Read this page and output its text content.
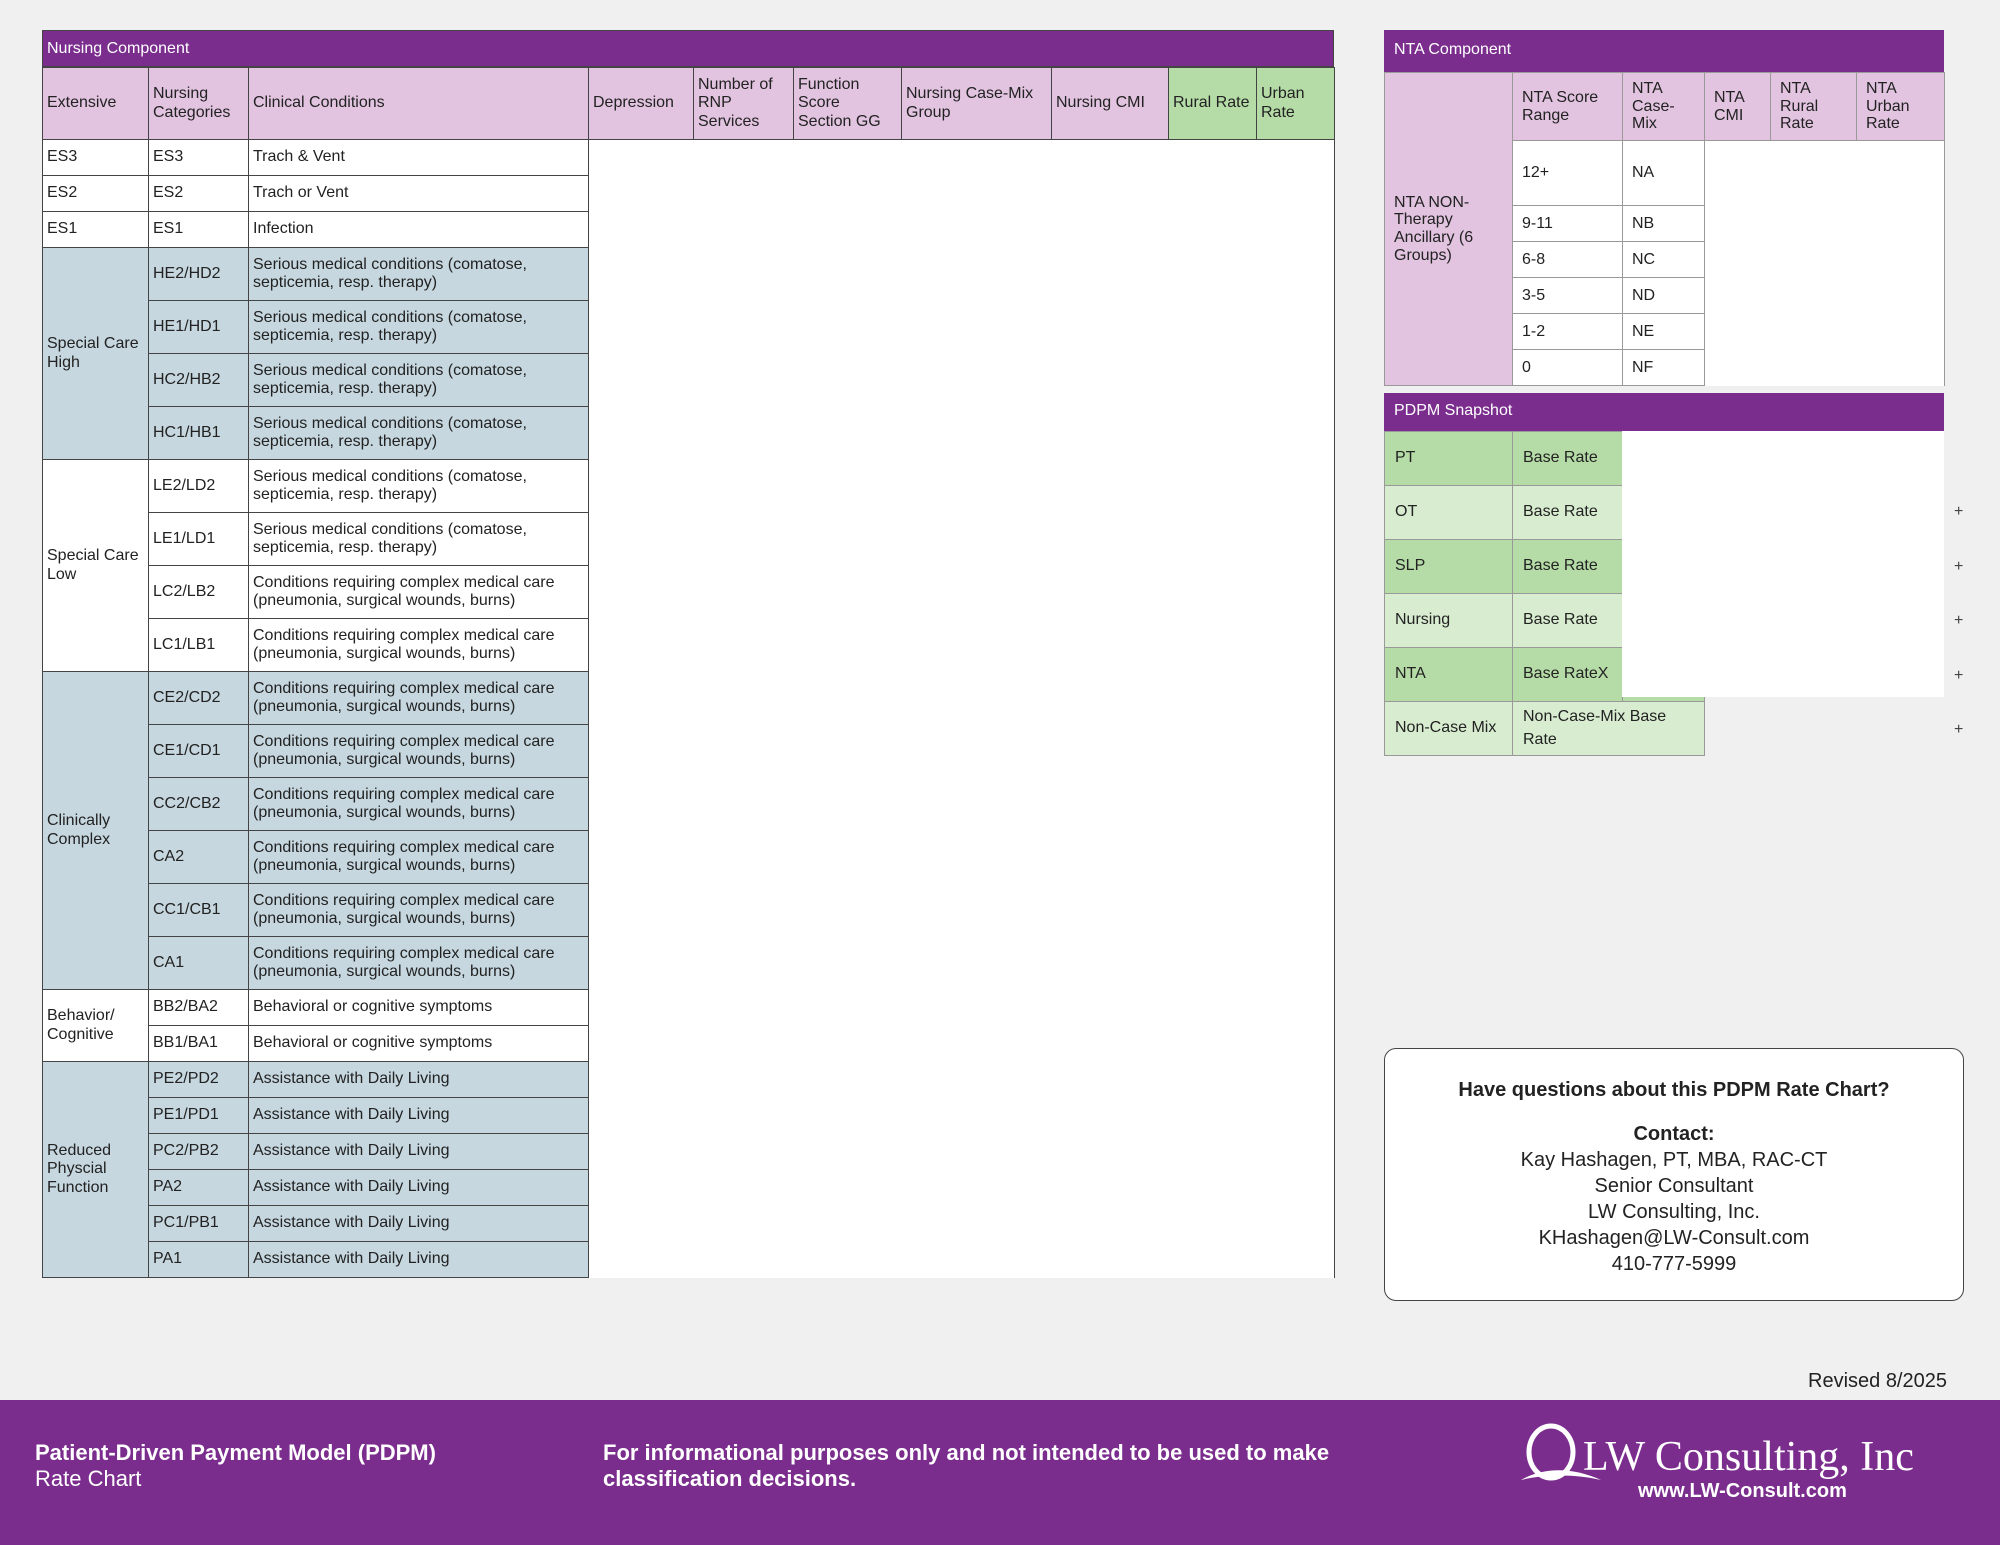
Nursing Component
Extensive	Nursing Categories	Clinical Conditions	Depression	Number of RNP Services	Function Score Section GG	Nursing Case-Mix Group	Nursing CMI	Rural Rate	Urban Rate
ES3	ES3	Trach & Vent							
ES2	ES2	Trach or Vent							
ES1	ES1	Infection							
Special Care High	HE2/HD2	Serious medical conditions (comatose, septicemia, resp. therapy)							
	HE1/HD1	Serious medical conditions (comatose, septicemia, resp. therapy)							
	HC2/HB2	Serious medical conditions (comatose, septicemia, resp. therapy)							
	HC1/HB1	Serious medical conditions (comatose, septicemia, resp. therapy)							
Special Care Low	LE2/LD2	Serious medical conditions (comatose, septicemia, resp. therapy)							
	LE1/LD1	Serious medical conditions (comatose, septicemia, resp. therapy)							
	LC2/LB2	Conditions requiring complex medical care (pneumonia, surgical wounds, burns)							
	LC1/LB1	Conditions requiring complex medical care (pneumonia, surgical wounds, burns)							
Clinically Complex	CE2/CD2	Conditions requiring complex medical care (pneumonia, surgical wounds, burns)							
	CE1/CD1	Conditions requiring complex medical care (pneumonia, surgical wounds, burns)							
	CC2/CB2	Conditions requiring complex medical care (pneumonia, surgical wounds, burns)							
	CA2	Conditions requiring complex medical care (pneumonia, surgical wounds, burns)							
	CC1/CB1	Conditions requiring complex medical care (pneumonia, surgical wounds, burns)							
	CA1	Conditions requiring complex medical care (pneumonia, surgical wounds, burns)							
Behavior/ Cognitive	BB2/BA2	Behavioral or cognitive symptoms							
	BB1/BA1	Behavioral or cognitive symptoms							
Reduced Physcial Function	PE2/PD2	Assistance with Daily Living							
	PE1/PD1	Assistance with Daily Living							
	PC2/PB2	Assistance with Daily Living							
	PA2	Assistance with Daily Living							
	PC1/PB1	Assistance with Daily Living							
	PA1	Assistance with Daily Living							
NTA Component
NTA NON-Therapy Ancillary (6 Groups)	NTA Score Range	NTA Case-Mix	NTA CMI	NTA Rural Rate	NTA Urban Rate
	12+	NA			
	9-11	NB			
	6-8	NC			
	3-5	ND			
	1-2	NE			
	0	NF			
PDPM Snapshot
PT	Base Rate	
OT	Base Rate	
SLP	Base Rate	
Nursing	Base Rate	
NTA	Base RateX	
Non-Case Mix	Non-Case-Mix Base Rate	
+
+
+
+
+
Have questions about this PDPM Rate Chart?
Contact:
Kay Hashagen, PT, MBA, RAC-CT
Senior Consultant
LW Consulting, Inc.
KHashagen@LW-Consult.com
410-777-5999
Revised 8/2025
Patient-Driven Payment Model (PDPM)
Rate Chart
For informational purposes only and not intended to be used to make classification decisions.	LW Consulting, Inc
www.LW-Consult.com
